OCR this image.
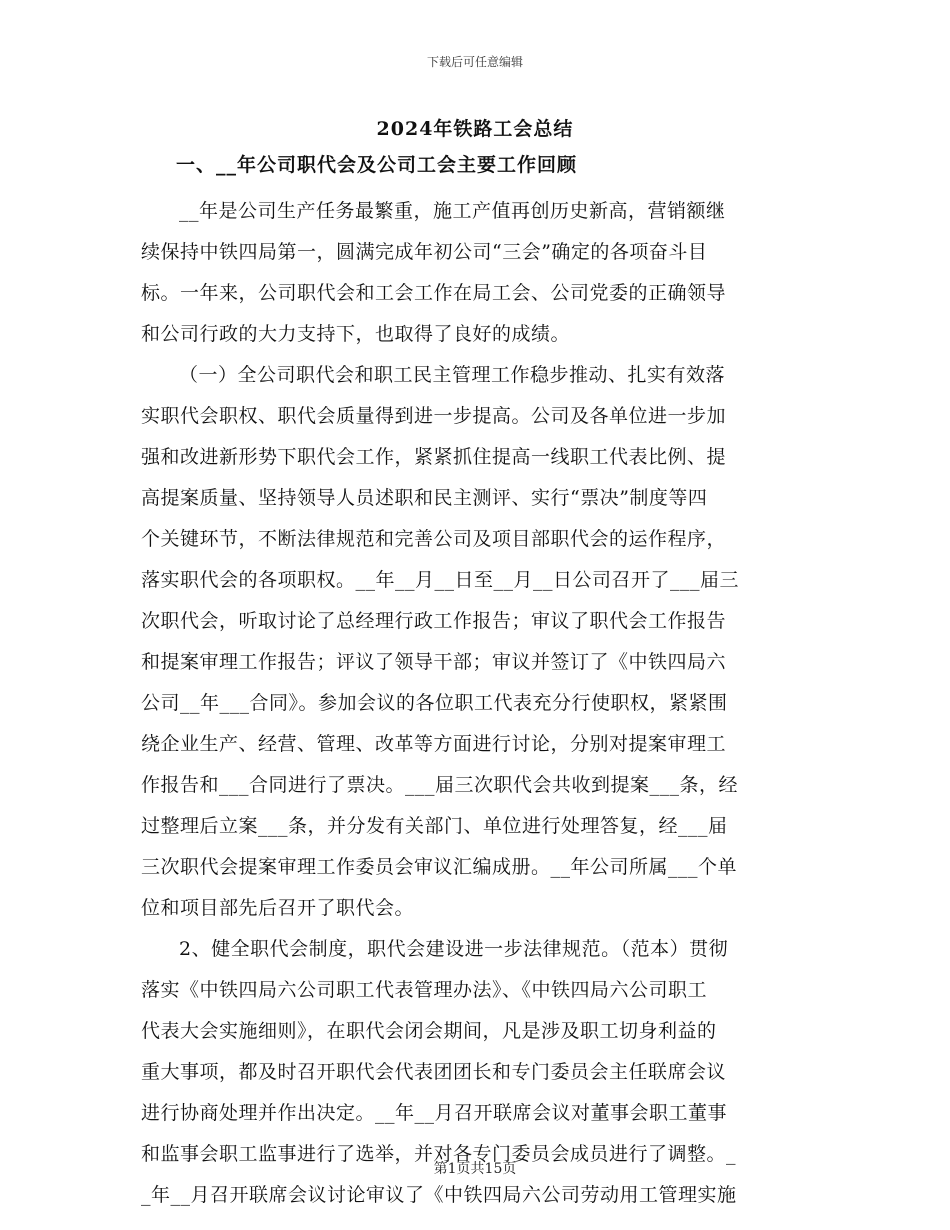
下载后可任意编辑
2024年铁路工会总结
一、__年公司职代会及公司工会主要工作回顾
__年是公司生产任务最繁重，施工产值再创历史新高，营销额继
续保持中铁四局第一，圆满完成年初公司“三会”确定的各项奋斗目
标。一年来，公司职代会和工会工作在局工会、公司党委的正确领导
和公司行政的大力支持下，也取得了良好的成绩。
（一）全公司职代会和职工民主管理工作稳步推动、扎实有效落
实职代会职权、职代会质量得到进一步提高。公司及各单位进一步加
强和改进新形势下职代会工作，紧紧抓住提高一线职工代表比例、提
高提案质量、坚持领导人员述职和民主测评、实行“票决”制度等四
个关键环节，不断法律规范和完善公司及项目部职代会的运作程序，
落实职代会的各项职权。__年__月__日至__月__日公司召开了___届三
次职代会，听取讨论了总经理行政工作报告；审议了职代会工作报告
和提案审理工作报告；评议了领导干部；审议并签订了《中铁四局六
公司__年___合同》。参加会议的各位职工代表充分行使职权，紧紧围
绕企业生产、经营、管理、改革等方面进行讨论，分别对提案审理工
作报告和___合同进行了票决。___届三次职代会共收到提案___条，经
过整理后立案___条，并分发有关部门、单位进行处理答复，经___届
三次职代会提案审理工作委员会审议汇编成册。__年公司所属___个单
位和项目部先后召开了职代会。
2、健全职代会制度，职代会建设进一步法律规范。（范本）贯彻
落实《中铁四局六公司职工代表管理办法》、《中铁四局六公司职工
代表大会实施细则》，在职代会闭会期间，凡是涉及职工切身利益的
重大事项，都及时召开职代会代表团团长和专门委员会主任联席会议
进行协商处理并作出决定。__年__月召开联席会议对董事会职工董事
和监事会职工监事进行了选举，并对各专门委员会成员进行了调整。_
_年__月召开联席会议讨论审议了《中铁四局六公司劳动用工管理实施
第1页共15页
